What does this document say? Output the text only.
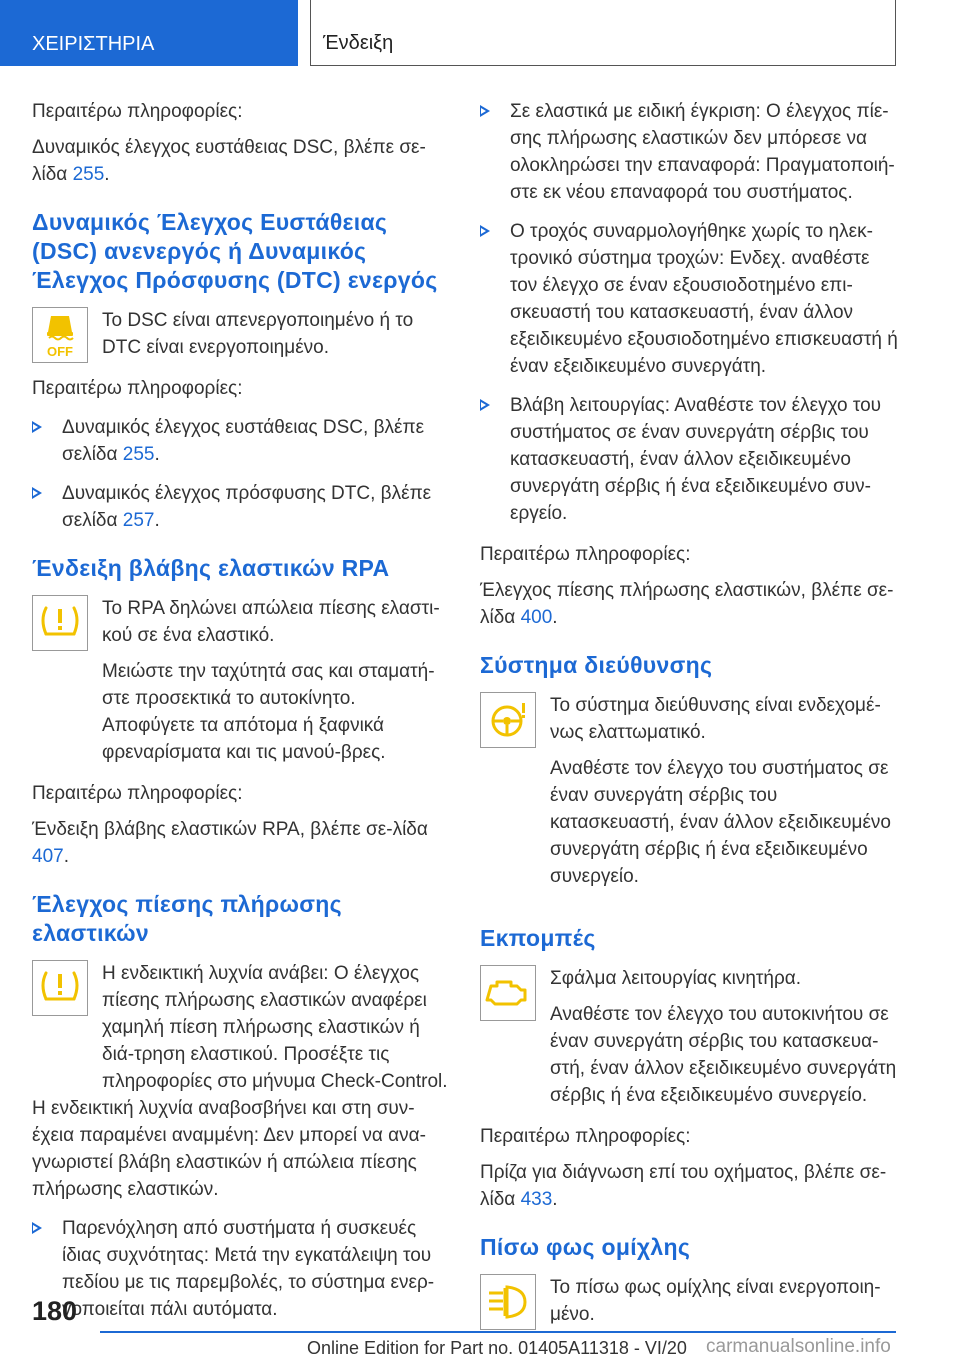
ΧΕΙΡΙΣΤΗΡΙΑ	Ένδειξη

Περαιτέρω πληροφορίες:

Δυναμικός έλεγχος ευστάθειας DSC, βλέπε σε-λίδα 255.

Δυναμικός Έλεγχος Ευστάθειας (DSC) ανενεργός ή Δυναμικός Έλεγχος Πρόσφυσης (DTC) ενεργός
OFF

Το DSC είναι απενεργοποιημένο ή το DTC είναι ενεργοποιημένο.

Περαιτέρω πληροφορίες:

Δυναμικός έλεγχος ευστάθειας DSC, βλέπε σελίδα 255.
Δυναμικός έλεγχος πρόσφυσης DTC, βλέπε σελίδα 257.
Ένδειξη βλάβης ελαστικών RPA

Το RPA δηλώνει απώλεια πίεσης ελαστι-κού σε ένα ελαστικό.

Μειώστε την ταχύτητά σας και σταματή-στε προσεκτικά το αυτοκίνητο. Αποφύγετε τα απότομα ή ξαφνικά φρεναρίσματα και τις μανού-βρες.

Περαιτέρω πληροφορίες:

Ένδειξη βλάβης ελαστικών RPA, βλέπε σε-λίδα 407.

Έλεγχος πίεσης πλήρωσης ελαστικών

Η ενδεικτική λυχνία ανάβει: Ο έλεγχος πίεσης πλήρωσης ελαστικών αναφέρει χαμηλή πίεση πλήρωσης ελαστικών ή διά-τρηση ελαστικού. Προσέξτε τις πληροφορίες στο μήνυμα Check-Control.

Η ενδεικτική λυχνία αναβοσβήνει και στη συν-έχεια παραμένει αναμμένη: Δεν μπορεί να ανα-γνωριστεί βλάβη ελαστικών ή απώλεια πίεσης πλήρωσης ελαστικών.

Παρενόχληση από συστήματα ή συσκευές ίδιας συχνότητας: Μετά την εγκατάλειψη του πεδίου με τις παρεμβολές, το σύστημα ενερ-γοποιείται πάλι αυτόματα.
Σε ελαστικά με ειδική έγκριση: Ο έλεγχος πίε-σης πλήρωσης ελαστικών δεν μπόρεσε να ολοκληρώσει την επαναφορά: Πραγματοποιή-στε εκ νέου επαναφορά του συστήματος.
Ο τροχός συναρμολογήθηκε χωρίς το ηλεκ-τρονικό σύστημα τροχών: Ενδεχ. αναθέστε τον έλεγχο σε έναν εξουσιοδοτημένο επι-σκευαστή του κατασκευαστή, έναν άλλον εξειδικευμένο εξουσιοδοτημένο επισκευαστή ή έναν εξειδικευμένο συνεργάτη.
Βλάβη λειτουργίας: Αναθέστε τον έλεγχο του συστήματος σε έναν συνεργάτη σέρβις του κατασκευαστή, έναν άλλον εξειδικευμένο συνεργάτη σέρβις ή ένα εξειδικευμένο συν-εργείο.

Περαιτέρω πληροφορίες:

Έλεγχος πίεσης πλήρωσης ελαστικών, βλέπε σε-λίδα 400.

Σύστημα διεύθυνσης

Το σύστημα διεύθυνσης είναι ενδεχομέ-νως ελαττωματικό.

Αναθέστε τον έλεγχο του συστήματος σε έναν συνεργάτη σέρβις του κατασκευαστή, έναν άλλον εξειδικευμένο συνεργάτη σέρβις ή ένα εξειδικευμένο συνεργείο.

Εκπομπές

Σφάλμα λειτουργίας κινητήρα.

Αναθέστε τον έλεγχο του αυτοκινήτου σε έναν συνεργάτη σέρβις του κατασκευα-στή, έναν άλλον εξειδικευμένο συνεργάτη σέρβις ή ένα εξειδικευμένο συνεργείο.

Περαιτέρω πληροφορίες:

Πρίζα για διάγνωση επί του οχήματος, βλέπε σε-λίδα 433.

Πίσω φως ομίχλης

Το πίσω φως ομίχλης είναι ενεργοποιη-μένο.

180
Online Edition for Part no. 01405A11318 - VI/20 carmanualsonline.info
